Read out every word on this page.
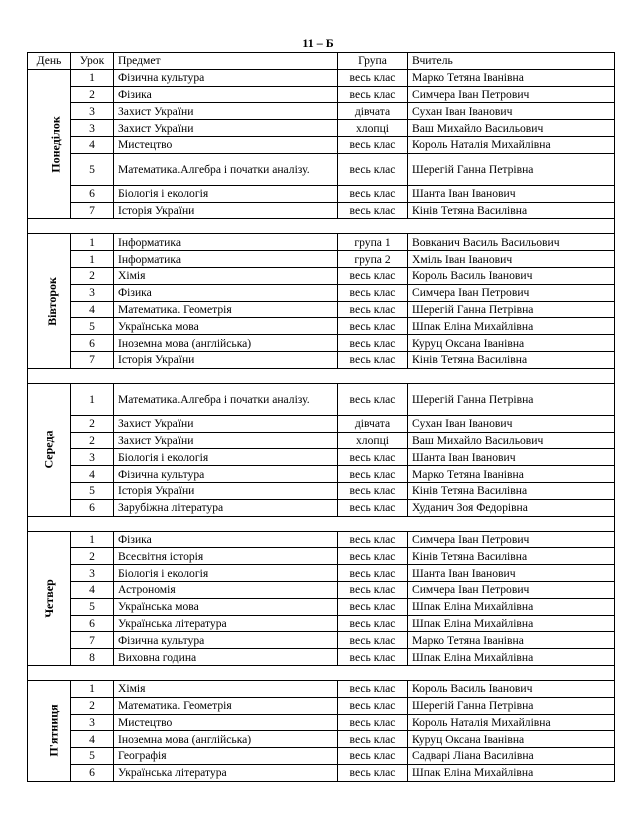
11 – Б
День	Урок	Предмет	Група	Вчитель
Понеділок	1	Фізична культура	весь клас	Марко Тетяна Іванівна
	2	Фізика	весь клас	Симчера Іван Петрович
	3	Захист України	дівчата	Сухан Іван Іванович
	3	Захист України	хлопці	Ваш Михайло Васильович
	4	Мистецтво	весь клас	Король Наталія Михайлівна
	5	Математика.Алгебра і початки аналізу.	весь клас	Шерегій Ганна Петрівна
	6	Біологія і екологія	весь клас	Шанта Іван Іванович
	7	Історія України	весь клас	Кінів Тетяна Василівна

Вівторок	1	Інформатика	група 1	Вовканич Василь Васильович
	1	Інформатика	група 2	Хміль Іван Іванович
	2	Хімія	весь клас	Король Василь Іванович
	3	Фізика	весь клас	Симчера Іван Петрович
	4	Математика. Геометрія	весь клас	Шерегій Ганна Петрівна
	5	Українська мова	весь клас	Шпак Еліна Михайлівна
	6	Іноземна мова (англійська)	весь клас	Куруц Оксана Іванівна
	7	Історія України	весь клас	Кінів Тетяна Василівна

Середа	1	Математика.Алгебра і початки аналізу.	весь клас	Шерегій Ганна Петрівна
	2	Захист України	дівчата	Сухан Іван Іванович
	2	Захист України	хлопці	Ваш Михайло Васильович
	3	Біологія і екологія	весь клас	Шанта Іван Іванович
	4	Фізична культура	весь клас	Марко Тетяна Іванівна
	5	Історія України	весь клас	Кінів Тетяна Василівна
	6	Зарубіжна література	весь клас	Худанич Зоя Федорівна

Четвер	1	Фізика	весь клас	Симчера Іван Петрович
	2	Всесвітня історія	весь клас	Кінів Тетяна Василівна
	3	Біологія і екологія	весь клас	Шанта Іван Іванович
	4	Астрономія	весь клас	Симчера Іван Петрович
	5	Українська мова	весь клас	Шпак Еліна Михайлівна
	6	Українська література	весь клас	Шпак Еліна Михайлівна
	7	Фізична культура	весь клас	Марко Тетяна Іванівна
	8	Виховна година	весь клас	Шпак Еліна Михайлівна

П'ятниця	1	Хімія	весь клас	Король Василь Іванович
	2	Математика. Геометрія	весь клас	Шерегій Ганна Петрівна
	3	Мистецтво	весь клас	Король Наталія Михайлівна
	4	Іноземна мова (англійська)	весь клас	Куруц Оксана Іванівна
	5	Географія	весь клас	Садварі Ліана Василівна
	6	Українська література	весь клас	Шпак Еліна Михайлівна
